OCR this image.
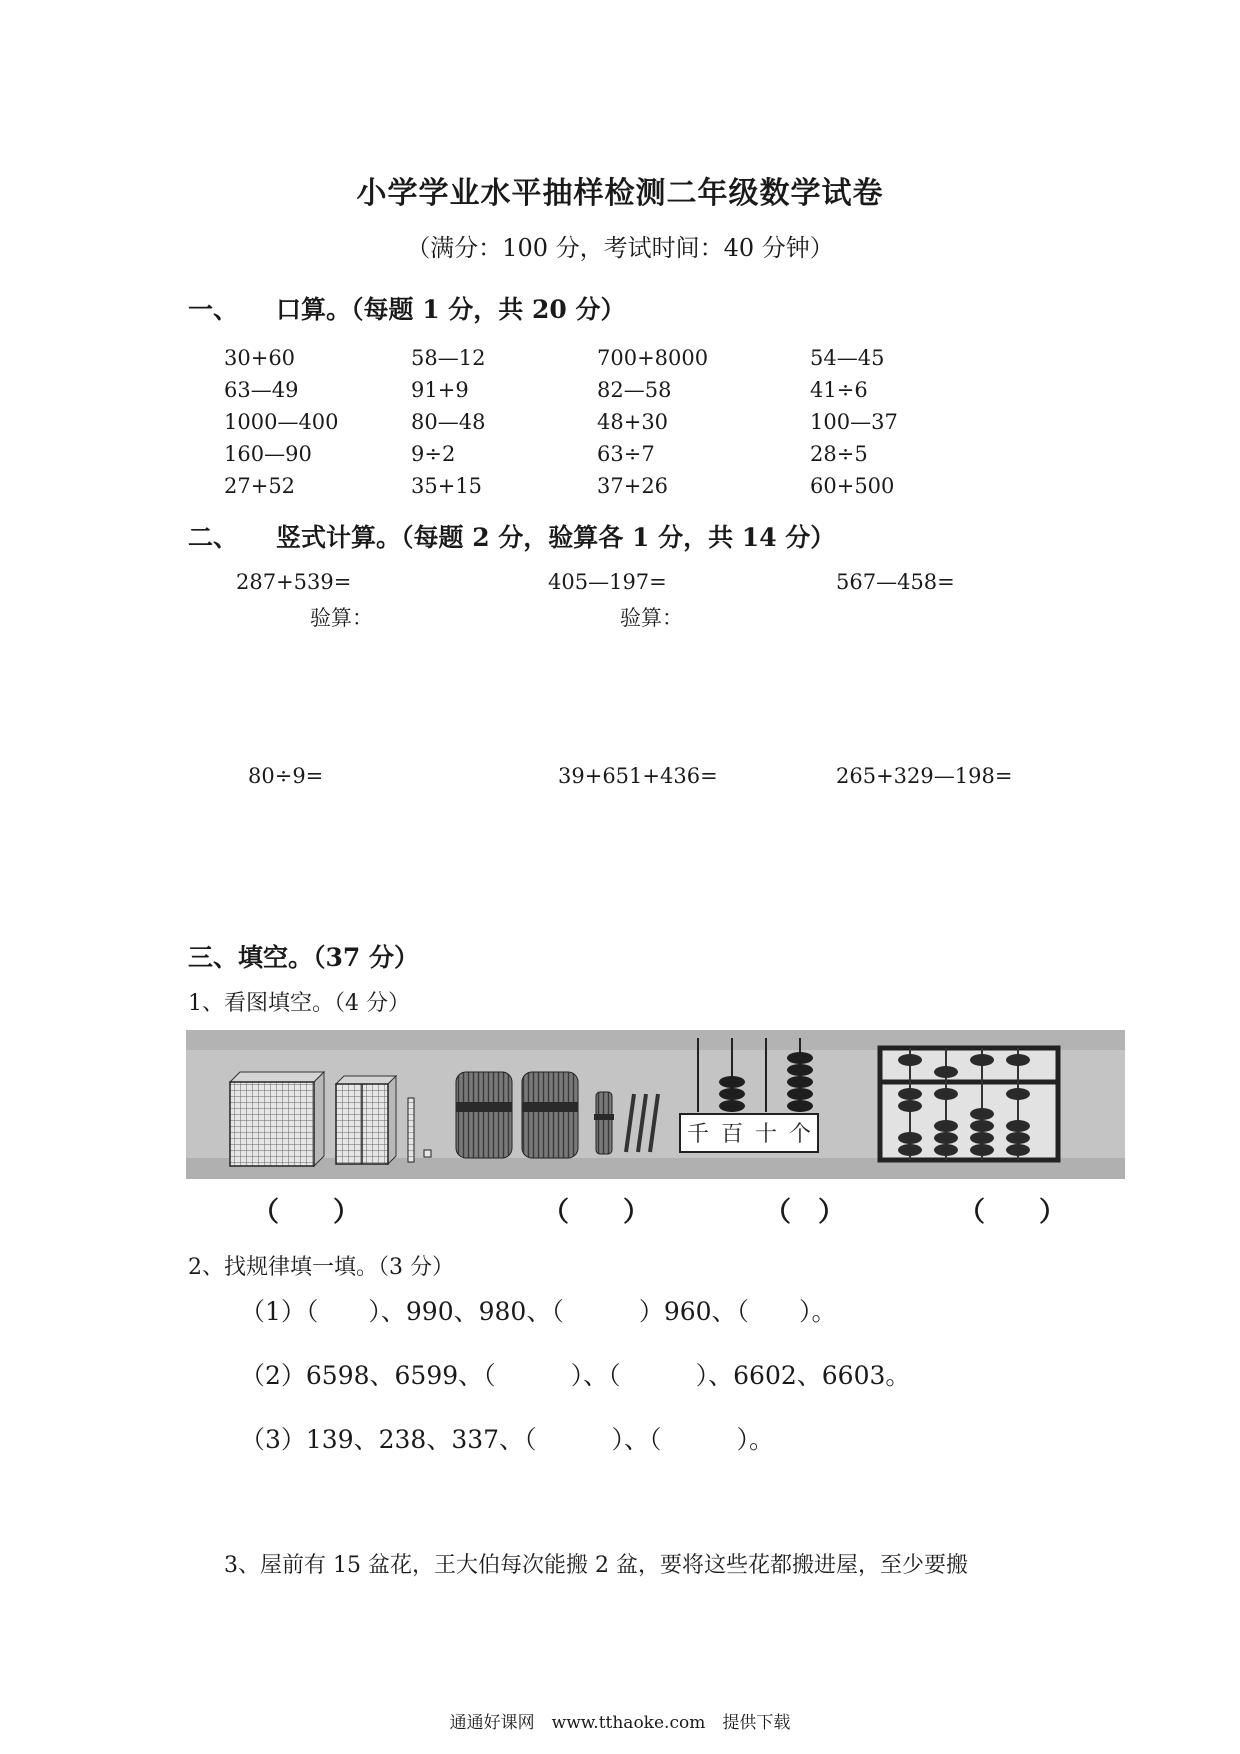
小学学业水平抽样检测二年级数学试卷
（满分：100 分，考试时间：40 分钟）
一、 口算。（每题 1 分，共 20 分）
30+60	58—12	700+8000	54—45
63—49	91+9	82—58	41÷6
1000—400	80—48	48+30	100—37
160—90	9÷2	63÷7	28÷5
27+52	35+15	37+26	60+500
二、 竖式计算。（每题 2 分，验算各 1 分，共 14 分）
287+539=	405—197=	567—458=
验算：	验算：
80÷9=	39+651+436=	265+329—198=
三、填空。（37 分）
1、看图填空。（4 分）
千 百 十 个
（　　）	（　　）	（　）	（　　）
2、找规律填一填。（3 分）
（1）（　　）、990、980、（　　　）960、（　　）。
（2）6598、6599、（　　　）、（　　　）、6602、6603。
（3）139、238、337、（　　　）、（　　　）。
3、屋前有 15 盆花，王大伯每次能搬 2 盆，要将这些花都搬进屋，至少要搬
通通好课网　www.tthaoke.com　提供下载
